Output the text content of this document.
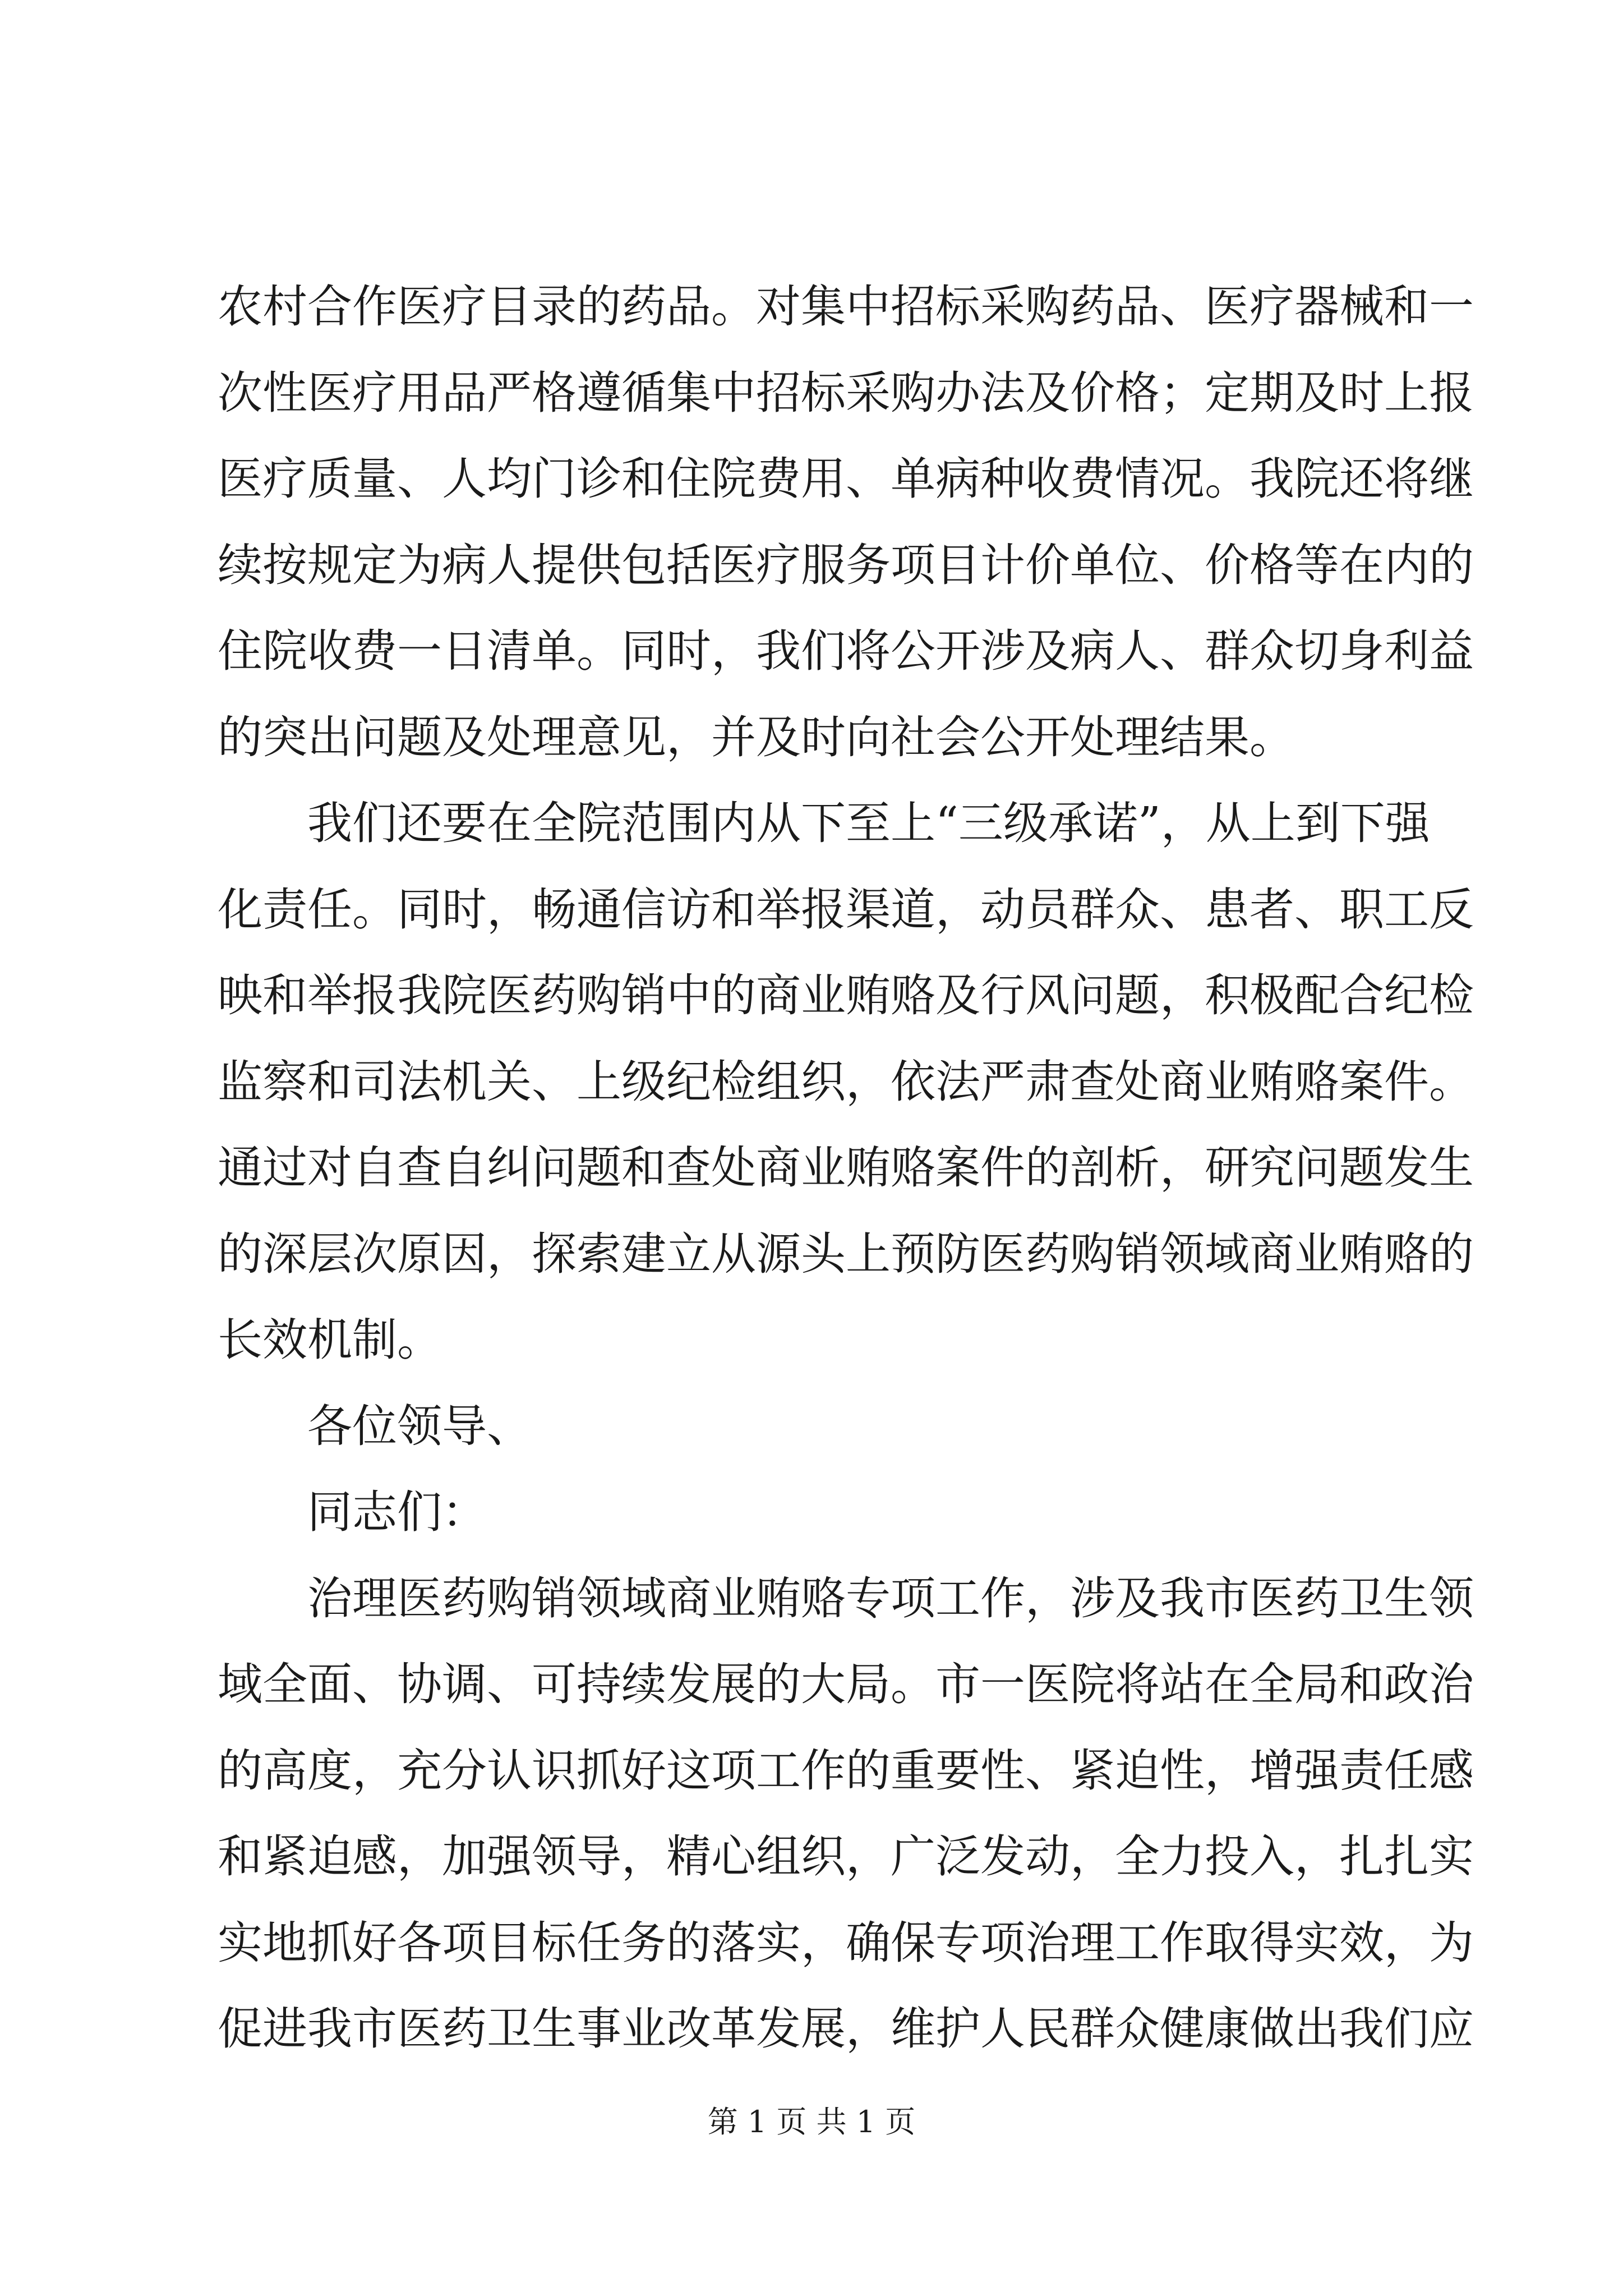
农村合作医疗目录的药品。对集中招标采购药品、医疗器械和一
次性医疗用品严格遵循集中招标采购办法及价格；定期及时上报
医疗质量、人均门诊和住院费用、单病种收费情况。我院还将继
续按规定为病人提供包括医疗服务项目计价单位、价格等在内的
住院收费一日清单。同时，我们将公开涉及病人、群众切身利益
的突出问题及处理意见，并及时向社会公开处理结果。
我们还要在全院范围内从下至上“三级承诺”，从上到下强
化责任。同时，畅通信访和举报渠道，动员群众、患者、职工反
映和举报我院医药购销中的商业贿赂及行风问题，积极配合纪检
监察和司法机关、上级纪检组织，依法严肃查处商业贿赂案件。
通过对自查自纠问题和查处商业贿赂案件的剖析，研究问题发生
的深层次原因，探索建立从源头上预防医药购销领域商业贿赂的
长效机制。
各位领导、
同志们：
治理医药购销领域商业贿赂专项工作，涉及我市医药卫生领
域全面、协调、可持续发展的大局。市一医院将站在全局和政治
的高度，充分认识抓好这项工作的重要性、紧迫性，增强责任感
和紧迫感，加强领导，精心组织，广泛发动，全力投入，扎扎实
实地抓好各项目标任务的落实，确保专项治理工作取得实效，为
促进我市医药卫生事业改革发展，维护人民群众健康做出我们应
第 1 页 共 1 页
